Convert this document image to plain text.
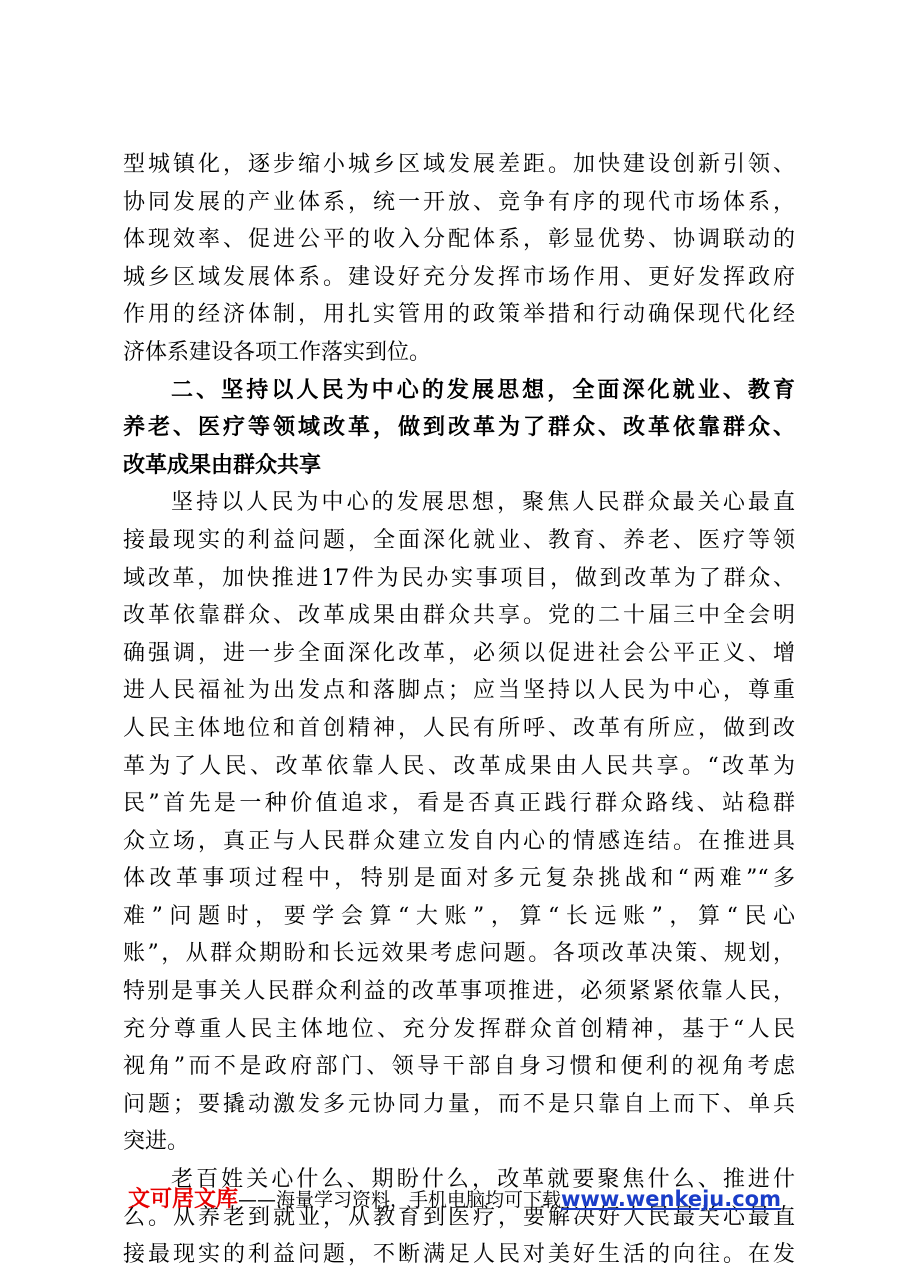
型城镇化，逐步缩小城乡区域发展差距。加快建设创新引领、
协同发展的产业体系，统一开放、竞争有序的现代市场体系，
体现效率、促进公平的收入分配体系，彰显优势、协调联动的
城乡区域发展体系。建设好充分发挥市场作用、更好发挥政府
作用的经济体制，用扎实管用的政策举措和行动确保现代化经
济体系建设各项工作落实到位。
二、坚持以人民为中心的发展思想，全面深化就业、教育
养老、医疗等领域改革，做到改革为了群众、改革依靠群众、
改革成果由群众共享
坚持以人民为中心的发展思想，聚焦人民群众最关心最直
接最现实的利益问题，全面深化就业、教育、养老、医疗等领
域改革，加快推进17件为民办实事项目，做到改革为了群众、
改革依靠群众、改革成果由群众共享。党的二十届三中全会明
确强调，进一步全面深化改革，必须以促进社会公平正义、增
进人民福祉为出发点和落脚点；应当坚持以人民为中心，尊重
人民主体地位和首创精神，人民有所呼、改革有所应，做到改
革为了人民、改革依靠人民、改革成果由人民共享。“改革为
民”首先是一种价值追求，看是否真正践行群众路线、站稳群
众立场，真正与人民群众建立发自内心的情感连结。在推进具
体改革事项过程中，特别是面对多元复杂挑战和“两难”“多
难”问题时，要学会算“大账”，算“长远账”，算“民心
账”，从群众期盼和长远效果考虑问题。各项改革决策、规划，
特别是事关人民群众利益的改革事项推进，必须紧紧依靠人民，
充分尊重人民主体地位、充分发挥群众首创精神，基于“人民
视角”而不是政府部门、领导干部自身习惯和便利的视角考虑
问题；要撬动激发多元协同力量，而不是只靠自上而下、单兵
突进。
老百姓关心什么、期盼什么，改革就要聚焦什么、推进什
么。从养老到就业，从教育到医疗，要解决好人民最关心最直
接最现实的利益问题，不断满足人民对美好生活的向往。在发
文可居文库——海量学习资料，手机电脑均可下载www.wenkeju.com
